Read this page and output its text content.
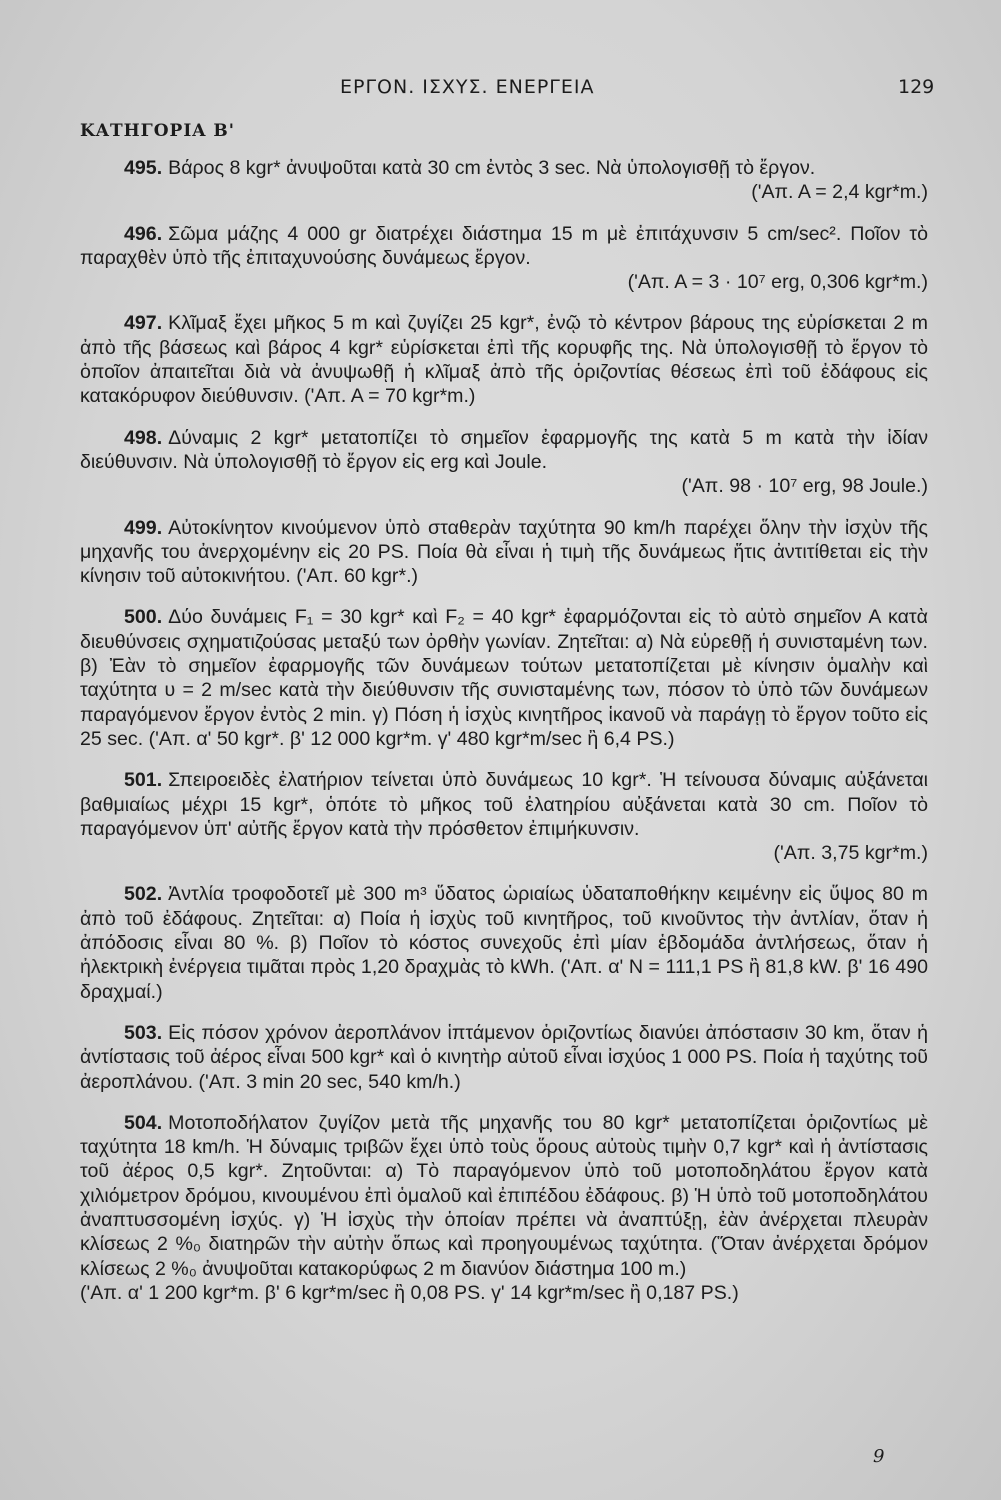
ΕΡΓΟΝ. ΙΣΧΥΣ. ΕΝΕΡΓΕΙΑ	129
ΚΑΤΗΓΟΡΙΑ Β'

495. Βάρος 8 kgr* ἀνυψοῦται κατὰ 30 cm ἐντὸς 3 sec. Νὰ ὑπολογισθῇ τὸ ἔργον.

('Απ. Α = 2,4 kgr*m.)

496. Σῶμα μάζης 4 000 gr διατρέχει διάστημα 15 m μὲ ἐπιτάχυνσιν 5 cm/sec². Ποῖον τὸ παραχθὲν ὑπὸ τῆς ἐπιταχυνούσης δυνάμεως ἔργον.

('Απ. Α = 3 · 10⁷ erg, 0,306 kgr*m.)

497. Κλῖμαξ ἔχει μῆκος 5 m καὶ ζυγίζει 25 kgr*, ἐνῷ τὸ κέντρον βάρους της εὑρίσκεται 2 m ἀπὸ τῆς βάσεως καὶ βάρος 4 kgr* εὑρίσκεται ἐπὶ τῆς κορυφῆς της. Νὰ ὑπολογισθῇ τὸ ἔργον τὸ ὁποῖον ἀπαιτεῖται διὰ νὰ ἀνυψωθῇ ἡ κλῖμαξ ἀπὸ τῆς ὁριζοντίας θέσεως ἐπὶ τοῦ ἐδάφους εἰς κατακόρυφον διεύθυνσιν. ('Απ. Α = 70 kgr*m.)

498. Δύναμις 2 kgr* μετατοπίζει τὸ σημεῖον ἐφαρμογῆς της κατὰ 5 m κατὰ τὴν ἰδίαν διεύθυνσιν. Νὰ ὑπολογισθῇ τὸ ἔργον εἰς erg καὶ Joule.

('Απ. 98 · 10⁷ erg, 98 Joule.)

499. Αὐτοκίνητον κινούμενον ὑπὸ σταθερὰν ταχύτητα 90 km/h παρέχει ὅλην τὴν ἰσχὺν τῆς μηχανῆς του ἀνερχομένην εἰς 20 PS. Ποία θὰ εἶναι ἡ τιμὴ τῆς δυνάμεως ἥτις ἀντιτίθεται εἰς τὴν κίνησιν τοῦ αὐτοκινήτου. ('Απ. 60 kgr*.)

500. Δύο δυνάμεις F₁ = 30 kgr* καὶ F₂ = 40 kgr* ἐφαρμόζονται εἰς τὸ αὐτὸ σημεῖον Α κατὰ διευθύνσεις σχηματιζούσας μεταξύ των ὀρθὴν γωνίαν. Ζητεῖται: α) Νὰ εὑρεθῇ ἡ συνισταμένη των. β) Ἐὰν τὸ σημεῖον ἐφαρμογῆς τῶν δυνάμεων τούτων μετατοπίζεται μὲ κίνησιν ὁμαλὴν καὶ ταχύτητα υ = 2 m/sec κατὰ τὴν διεύθυνσιν τῆς συνισταμένης των, πόσον τὸ ὑπὸ τῶν δυνάμεων παραγόμενον ἔργον ἐντὸς 2 min. γ) Πόση ἡ ἰσχὺς κινητῆρος ἱκανοῦ νὰ παράγῃ τὸ ἔργον τοῦτο εἰς 25 sec. ('Απ. α' 50 kgr*. β' 12 000 kgr*m. γ' 480 kgr*m/sec ἢ 6,4 PS.)

501. Σπειροειδὲς ἐλατήριον τείνεται ὑπὸ δυνάμεως 10 kgr*. Ἡ τείνουσα δύναμις αὐξάνεται βαθμιαίως μέχρι 15 kgr*, ὁπότε τὸ μῆκος τοῦ ἐλατηρίου αὐξάνεται κατὰ 30 cm. Ποῖον τὸ παραγόμενον ὑπ' αὐτῆς ἔργον κατὰ τὴν πρόσθετον ἐπιμήκυνσιν.

('Απ. 3,75 kgr*m.)

502. Ἀντλία τροφοδοτεῖ μὲ 300 m³ ὕδατος ὡριαίως ὑδαταποθήκην κειμένην εἰς ὕψος 80 m ἀπὸ τοῦ ἐδάφους. Ζητεῖται: α) Ποία ἡ ἰσχὺς τοῦ κινητῆρος, τοῦ κινοῦντος τὴν ἀντλίαν, ὅταν ἡ ἀπόδοσις εἶναι 80 %. β) Ποῖον τὸ κόστος συνεχοῦς ἐπὶ μίαν ἑβδομάδα ἀντλήσεως, ὅταν ἡ ἠλεκτρικὴ ἐνέργεια τιμᾶται πρὸς 1,20 δραχμὰς τὸ kWh. ('Απ. α' Ν = 111,1 PS ἢ 81,8 kW. β' 16 490 δραχμαί.)

503. Εἰς πόσον χρόνον ἀεροπλάνον ἱπτάμενον ὁριζοντίως διανύει ἀπόστασιν 30 km, ὅταν ἡ ἀντίστασις τοῦ ἀέρος εἶναι 500 kgr* καὶ ὁ κινητὴρ αὐτοῦ εἶναι ἰσχύος 1 000 PS. Ποία ἡ ταχύτης τοῦ ἀεροπλάνου. ('Απ. 3 min 20 sec, 540 km/h.)

504. Μοτοποδήλατον ζυγίζον μετὰ τῆς μηχανῆς του 80 kgr* μετατοπίζεται ὁριζοντίως μὲ ταχύτητα 18 km/h. Ἡ δύναμις τριβῶν ἔχει ὑπὸ τοὺς ὅρους αὐτοὺς τιμὴν 0,7 kgr* καὶ ἡ ἀντίστασις τοῦ ἀέρος 0,5 kgr*. Ζητοῦνται: α) Τὸ παραγόμενον ὑπὸ τοῦ μοτοποδηλάτου ἔργον κατὰ χιλιόμετρον δρόμου, κινουμένου ἐπὶ ὁμαλοῦ καὶ ἐπιπέδου ἐδάφους. β) Ἡ ὑπὸ τοῦ μοτοποδηλάτου ἀναπτυσσομένη ἰσχύς. γ) Ἡ ἰσχὺς τὴν ὁποίαν πρέπει νὰ ἀναπτύξῃ, ἐὰν ἀνέρχεται πλευρὰν κλίσεως 2 %₀ διατηρῶν τὴν αὐτὴν ὅπως καὶ προηγουμένως ταχύτητα. (Ὅταν ἀνέρχεται δρόμον κλίσεως 2 %₀ ἀνυψοῦται κατακορύφως 2 m διανύον διάστημα 100 m.)

('Απ. α' 1 200 kgr*m. β' 6 kgr*m/sec ἢ 0,08 PS. γ' 14 kgr*m/sec ἢ 0,187 PS.)

9
